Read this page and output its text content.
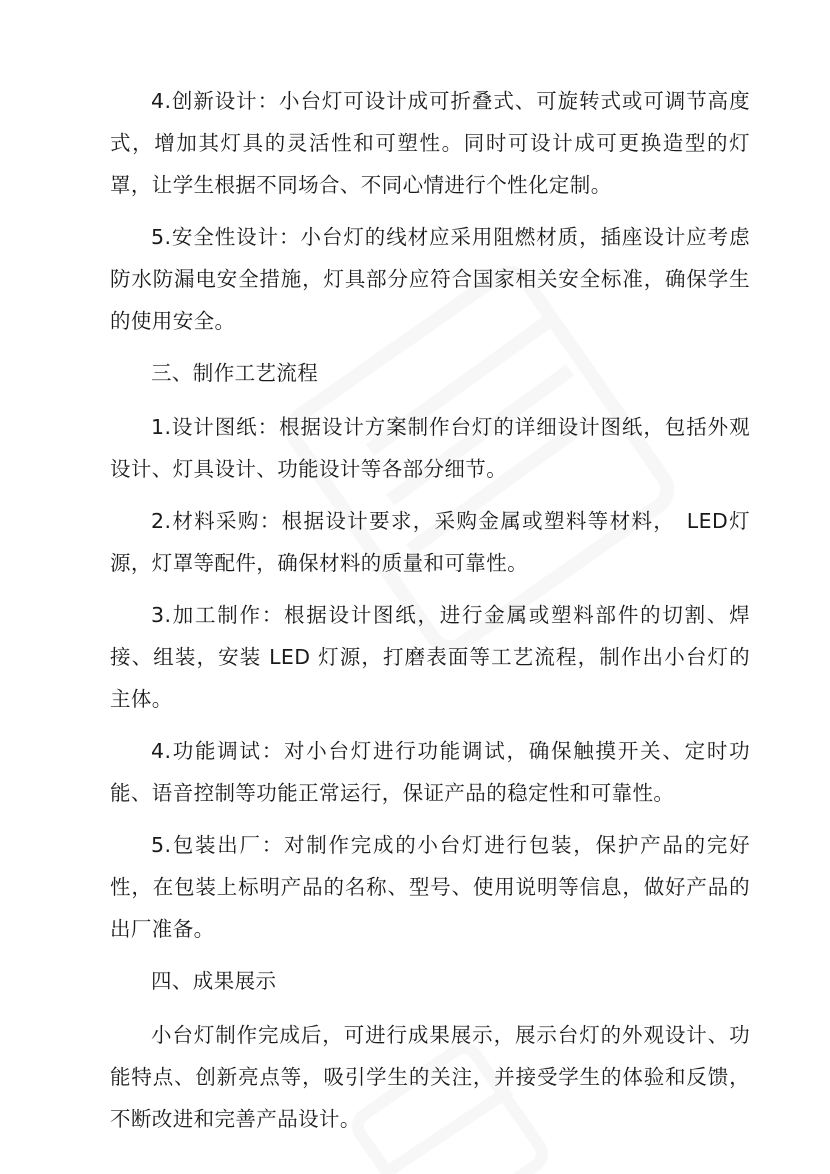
4.创新设计：小台灯可设计成可折叠式、可旋转式或可调节高度式，增加其灯具的灵活性和可塑性。同时可设计成可更换造型的灯罩，让学生根据不同场合、不同心情进行个性化定制。

5.安全性设计：小台灯的线材应采用阻燃材质，插座设计应考虑防水防漏电安全措施，灯具部分应符合国家相关安全标准，确保学生的使用安全。

三、制作工艺流程

1.设计图纸：根据设计方案制作台灯的详细设计图纸，包括外观设计、灯具设计、功能设计等各部分细节。

2.材料采购：根据设计要求，采购金属或塑料等材料，　LED灯源，灯罩等配件，确保材料的质量和可靠性。

3.加工制作：根据设计图纸，进行金属或塑料部件的切割、焊接、组装，安装 LED 灯源，打磨表面等工艺流程，制作出小台灯的主体。

4.功能调试：对小台灯进行功能调试，确保触摸开关、定时功能、语音控制等功能正常运行，保证产品的稳定性和可靠性。

5.包装出厂：对制作完成的小台灯进行包装，保护产品的完好性，在包装上标明产品的名称、型号、使用说明等信息，做好产品的出厂准备。

四、成果展示

小台灯制作完成后，可进行成果展示，展示台灯的外观设计、功能特点、创新亮点等，吸引学生的关注，并接受学生的体验和反馈，不断改进和完善产品设计。
